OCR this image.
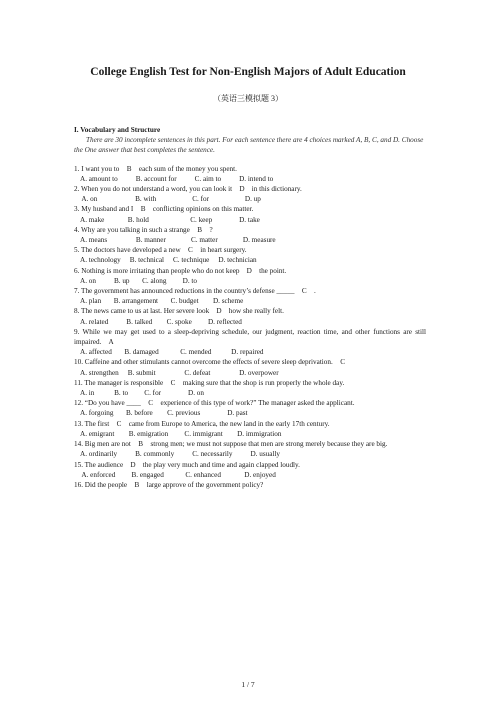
College English Test for Non-English Majors of Adult Education
（英语三模拟题 3）
I. Vocabulary and Structure
There are 30 incomplete sentences in this part. For each sentence there are 4 choices marked A, B, C, and D. Choose the One answer that best completes the sentence.
1. I want you to B each sum of the money you spent.
A. amount to          B. account for          C. aim to          D. intend to
2. When you do not understand a word, you can look it D in this dictionary.
A. on                     B. with                    C. for                    D. up
3. My husband and I B conflicting opinions on this matter.
A. make             B. hold                       C. keep               D. take
4. Why are you talking in such a strange B ?
A. means                B. manner              C. matter              D. measure
5. The doctors have developed a new C in heart surgery.
A. technology     B. technical     C. technique     D. technician
6. Nothing is more irritating than people who do not keep D the point.
A. on          B. up       C. along         D. to
7. The government has announced reductions in the country’s defense _____ C .
A. plan       B. arrangement       C. budget        D. scheme
8. The news came to us at last. Her severe look D how she really felt.
A. related          B. talked        C. spoke         D. reflected
9. While we may get used to a sleep-depriving schedule, our judgment, reaction time, and other functions are still impaired. A
A. affected       B. damaged            C. mended           D. repaired
10. Caffeine and other stimulants cannot overcome the effects of severe sleep deprivation. C
A. strengthen     B. submit                C. defeat                D. overpower
11. The manager is responsible C making sure that the shop is run properly the whole day.
A. in           B. to         C. for               D. on
12. “Do you have ____ C experience of this type of work?” The manager asked the applicant.
A. forgoing       B. before        C. previous               D. past
13. The first C came from Europe to America, the new land in the early 17th century.
A. emigrant        B. emigration         C. immigrant        D. immigration
14. Big men are not B strong men; we must not suppose that men are strong merely because they are big.
A. ordinarily          B. commonly          C. necessarily          D. usually
15. The audience D the play very much and time and again clapped loudly.
A. enforced         B. engaged            C. enhanced             D. enjoyed
16. Did the people B large approve of the government policy?
1 / 7
